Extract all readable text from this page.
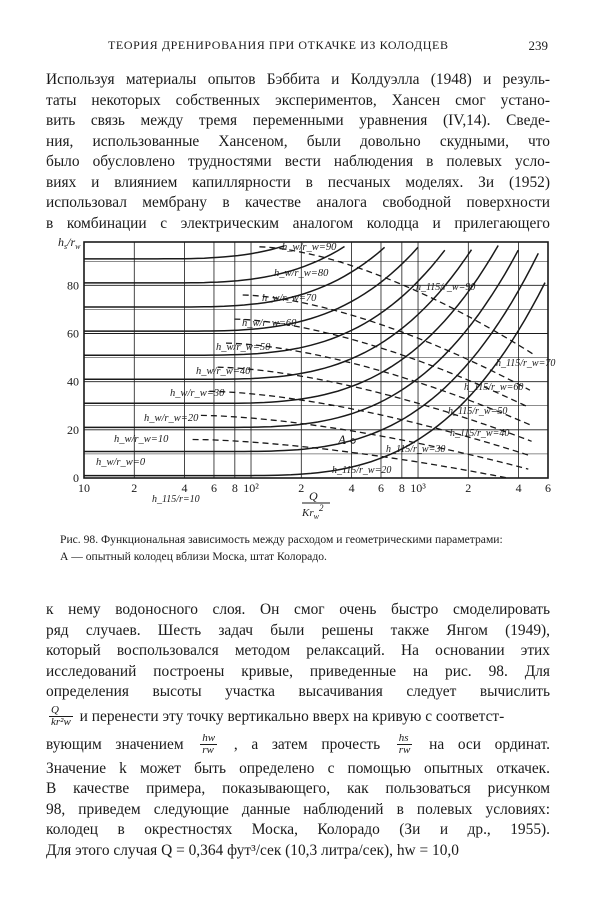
ТЕОРИЯ ДРЕНИРОВАНИЯ ПРИ ОТКАЧКЕ ИЗ КОЛОДЦЕВ	239
Используя материалы опытов Бэббита и Колдуэлла (1948) и резуль-
таты некоторых собственных экспериментов, Хансен смог устано-
вить связь между тремя переменными уравнения (IV,14). Сведе-
ния, использованные Хансеном, были довольно скудными, что
было обусловлено трудностями вести наблюдения в полевых усло-
виях и влиянием капиллярности в песчаных моделях. Зи (1952)
использовал мембрану в качестве аналога свободной поверхности
в комбинации с электрическим аналогом колодца и прилегающего
$h_s/r_w$
0
20
40
60
80
10	2	4 6 8 10²	2	4 6 8 10³	2	4 6
Q
$Kr_w^2$
A
h_w/r_w=0
h_w/r_w=10
h_w/r_w=20
h_w/r_w=30
h_w/r_w=40
h_w/r_w=50
h_w/r_w=60
h_w/r_w=70
h_w/r_w=80
h_w/r_w=90
h_115/r=10
h_115/r_w=20
h_115/r_w=30
h_115/r_w=40
h_115/r_w=50
h_115/r_w=60
h_115/r_w=70
h_115/r_w=90

Рис. 98. Функциональная зависимость между расходом и геометрическими параметрами:

А — опытный колодец вблизи Моска, штат Колорадо.

к нему водоносного слоя. Он смог очень быстро смоделировать
ряд случаев. Шесть задач были решены также Янгом (1949),
который воспользовался методом релаксаций. На основании этих
исследований построены кривые, приведенные на рис. 98. Для
определения высоты участка высачивания следует вычислить
$\frac{Q}{\text{kr²w}}$ и перенести эту точку вертикально вверх на кривую с соответст-
вующим значением $\frac{hw}{rw}$ , а затем прочесть $\frac{hs}{rw}$ на оси ординат.
Значение k может быть определено с помощью опытных откачек.
В качестве примера, показывающего, как пользоваться рисунком
98, приведем следующие данные наблюдений в полевых условиях:
колодец в окрестностях Моска, Колорадо (Зи и др., 1955).
Для этого случая Q = 0,364 фут³/сек (10,3 литра/сек), hw = 10,0
